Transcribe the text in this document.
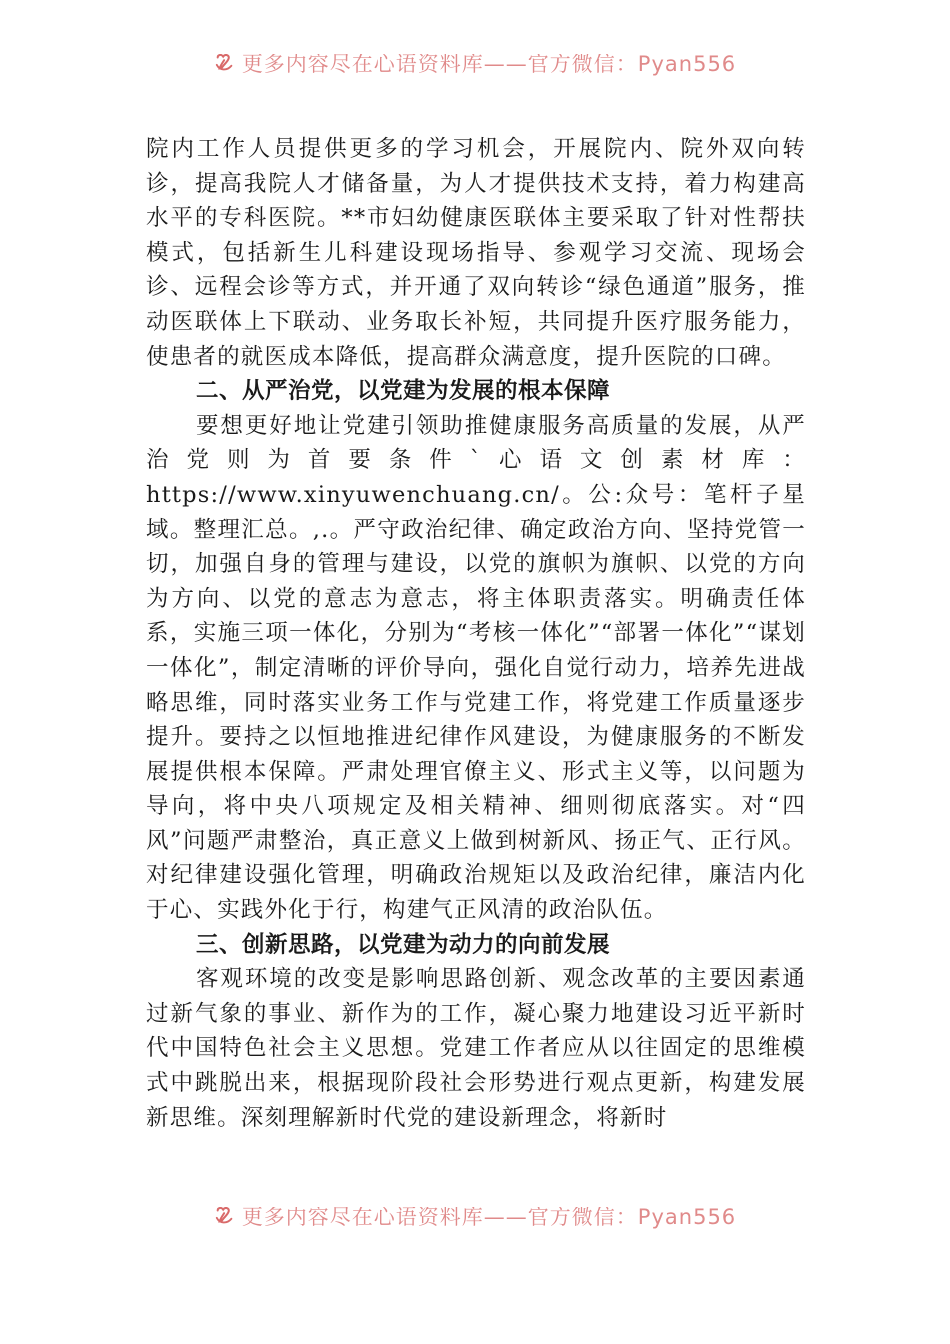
更多内容尽在心语资料库——官方微信：Pyan556

院内工作人员提供更多的学习机会，开展院内、院外双向转诊，提高我院人才储备量，为人才提供技术支持，着力构建高水平的专科医院。**市妇幼健康医联体主要采取了针对性帮扶模式，包括新生儿科建设现场指导、参观学习交流、现场会诊、远程会诊等方式，并开通了双向转诊“绿色通道”服务，推动医联体上下联动、业务取长补短，共同提升医疗服务能力，使患者的就医成本降低，提高群众满意度，提升医院的口碑。

二、从严治党，以党建为发展的根本保障

要想更好地让党建引领助推健康服务高质量的发展，从严治党则为首要条件`心语文创素材库：https://www.xinyuwenchuang.cn/。公:众号：笔杆子星域。整理汇总。,.。严守政治纪律、确定政治方向、坚持党管一切，加强自身的管理与建设，以党的旗帜为旗帜、以党的方向为方向、以党的意志为意志，将主体职责落实。明确责任体系，实施三项一体化，分别为“考核一体化”“部署一体化”“谋划一体化”，制定清晰的评价导向，强化自觉行动力，培养先进战略思维，同时落实业务工作与党建工作，将党建工作质量逐步提升。要持之以恒地推进纪律作风建设，为健康服务的不断发展提供根本保障。严肃处理官僚主义、形式主义等，以问题为导向，将中央八项规定及相关精神、细则彻底落实。对“四风”问题严肃整治，真正意义上做到树新风、扬正气、正行风。对纪律建设强化管理，明确政治规矩以及政治纪律，廉洁内化于心、实践外化于行，构建气正风清的政治队伍。

三、创新思路，以党建为动力的向前发展

客观环境的改变是影响思路创新、观念改革的主要因素通过新气象的事业、新作为的工作，凝心聚力地建设习近平新时代中国特色社会主义思想。党建工作者应从以往固定的思维模式中跳脱出来，根据现阶段社会形势进行观点更新，构建发展新思维。深刻理解新时代党的建设新理念，将新时

更多内容尽在心语资料库——官方微信：Pyan556
